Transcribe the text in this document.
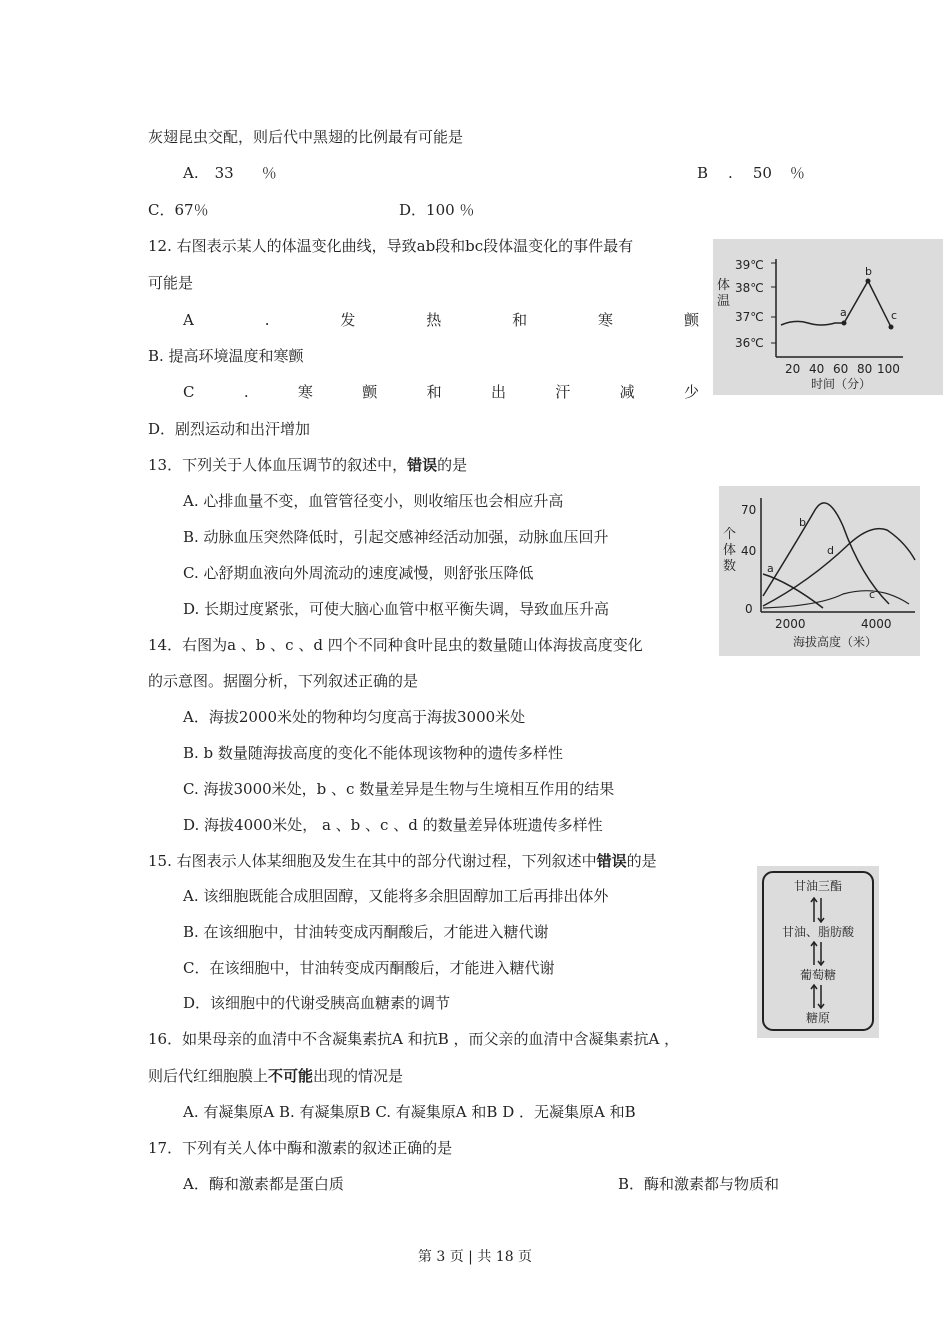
灰翅昆虫交配，则后代中黑翅的比例最有可能是
A. 33 ％	B . 50 ％
C．67％	D．100 ％
12. 右图表示某人的体温变化曲线，导致ab段和bc段体温变化的事件最有
可能是
A	.	发	热	和	寒	颤
B. 提高环境温度和寒颤
C	.	寒	颤	和	出	汗	减	少
D．剧烈运动和出汗增加
39℃
38℃
37℃
36℃
体
温
20 40 60 80 100
时间（分）
a
b
c
13．下列关于人体血压调节的叙述中，错误的是
A. 心排血量不变，血管管径变小，则收缩压也会相应升高
B. 动脉血压突然降低时，引起交感神经活动加强，动脉血压回升
C. 心舒期血液向外周流动的速度减慢，则舒张压降低
D. 长期过度紧张，可使大脑心血管中枢平衡失调，导致血压升高
70
40
0
个
体
数
2000	4000
海拔高度（米）
a
b
c
d
14．右图为a 、b 、c 、d 四个不同种食叶昆虫的数量随山体海拔高度变化
的示意图。据圈分析，下列叙述正确的是
A．海拔2000米处的物种均匀度高于海拔3000米处
B. b 数量随海拔高度的变化不能体现该物种的遗传多样性
C. 海拔3000米处，b 、c 数量差异是生物与生境相互作用的结果
D. 海拔4000米处， a 、b 、c 、d 的数量差异体班遗传多样性
15. 右图表示人体某细胞及发生在其中的部分代谢过程，下列叙述中错误的是
A. 该细胞既能合成胆固醇，又能将多余胆固醇加工后再排出体外
B. 在该细胞中，甘油转变成丙酮酸后，才能进入糖代谢
C．在该细胞中，甘油转变成丙酮酸后，才能进入糖代谢
D．该细胞中的代谢受胰高血糖素的调节
甘油三酯
甘油、脂肪酸
葡萄糖
糖原
16．如果母亲的血清中不含凝集素抗A 和抗B ，而父亲的血清中含凝集素抗A ，
则后代红细胞膜上不可能出现的情况是
A. 有凝集原A B. 有凝集原B C. 有凝集原A 和B D ．无凝集原A 和B
17．下列有关人体中酶和激素的叙述正确的是
A．酶和激素都是蛋白质	B．酶和激素都与物质和
第 3 页 | 共 18 页
